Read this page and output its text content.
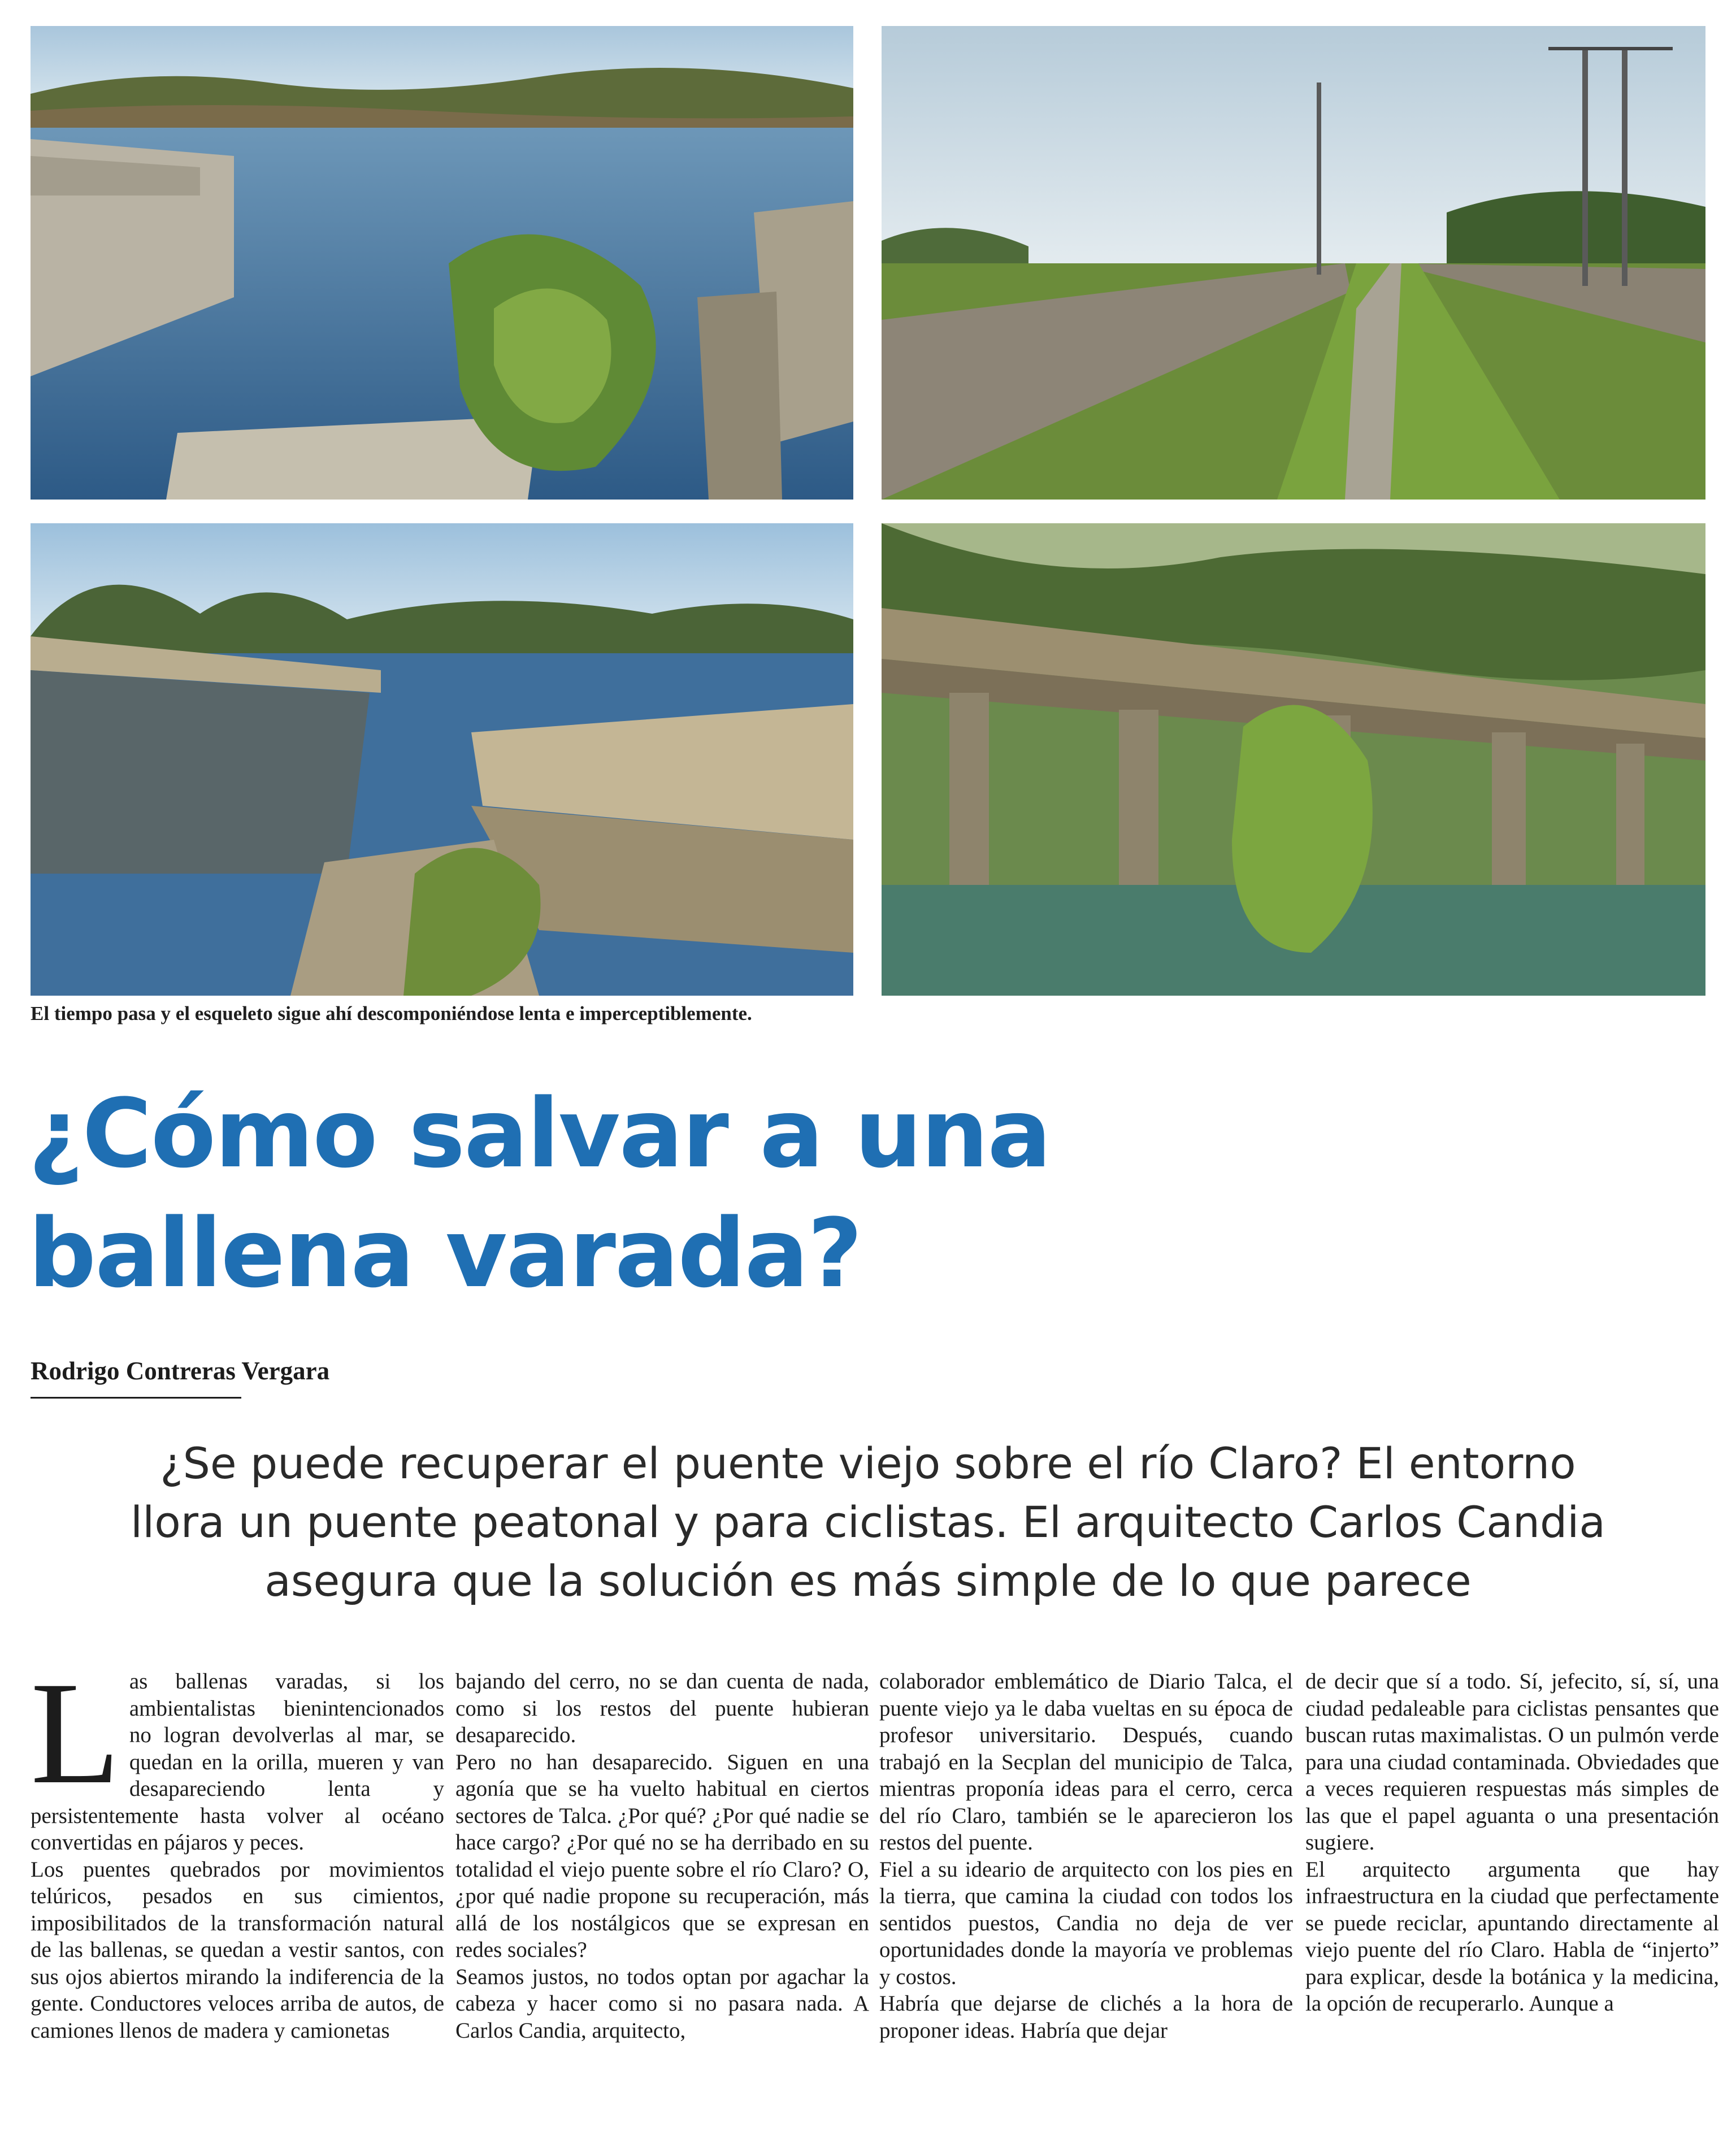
El tiempo pasa y el esqueleto sigue ahí descomponiéndose lenta e imperceptiblemente.
¿Cómo salvar a una
ballena varada?
Rodrigo Contreras Vergara
¿Se puede recuperar el puente viejo sobre el río Claro? El entorno
llora un puente peatonal y para ciclistas. El arquitecto Carlos Candia
asegura que la solución es más simple de lo que parece

Las ballenas varadas, si los ambientalistas bienintencionados no logran devolverlas al mar, se quedan en la orilla, mueren y van desapareciendo lenta y persistentemente hasta volver al océano convertidas en pájaros y peces.

Los puentes quebrados por movimientos telúricos, pesados en sus cimientos, imposibilitados de la transformación natural de las ballenas, se quedan a vestir santos, con sus ojos abiertos mirando la indiferencia de la gente. Conductores veloces arriba de autos, de camiones llenos de madera y camionetas

bajando del cerro, no se dan cuenta de nada, como si los restos del puente hubieran desaparecido.

Pero no han desaparecido. Siguen en una agonía que se ha vuelto habitual en ciertos sectores de Talca. ¿Por qué? ¿Por qué nadie se hace cargo? ¿Por qué no se ha derribado en su totalidad el viejo puente sobre el río Claro? O, ¿por qué nadie propone su recuperación, más allá de los nostálgicos que se expresan en redes sociales?

Seamos justos, no todos optan por agachar la cabeza y hacer como si no pasara nada. A Carlos Candia, arquitecto,

colaborador emblemático de Diario Talca, el puente viejo ya le daba vueltas en su época de profesor universitario. Después, cuando trabajó en la Secplan del municipio de Talca, mientras proponía ideas para el cerro, cerca del río Claro, también se le aparecieron los restos del puente.

Fiel a su ideario de arquitecto con los pies en la tierra, que camina la ciudad con todos los sentidos puestos, Candia no deja de ver oportunidades donde la mayoría ve problemas y costos.

Habría que dejarse de clichés a la hora de proponer ideas. Habría que dejar

de decir que sí a todo. Sí, jefecito, sí, sí, una ciudad pedaleable para ciclistas pensantes que buscan rutas maximalistas. O un pulmón verde para una ciudad contaminada. Obviedades que a veces requieren respuestas más simples de las que el papel aguanta o una presentación sugiere.

El arquitecto argumenta que hay infraestructura en la ciudad que perfectamente se puede reciclar, apuntando directamente al viejo puente del río Claro. Habla de “injerto” para explicar, desde la botánica y la medicina, la opción de recuperarlo. Aunque a
